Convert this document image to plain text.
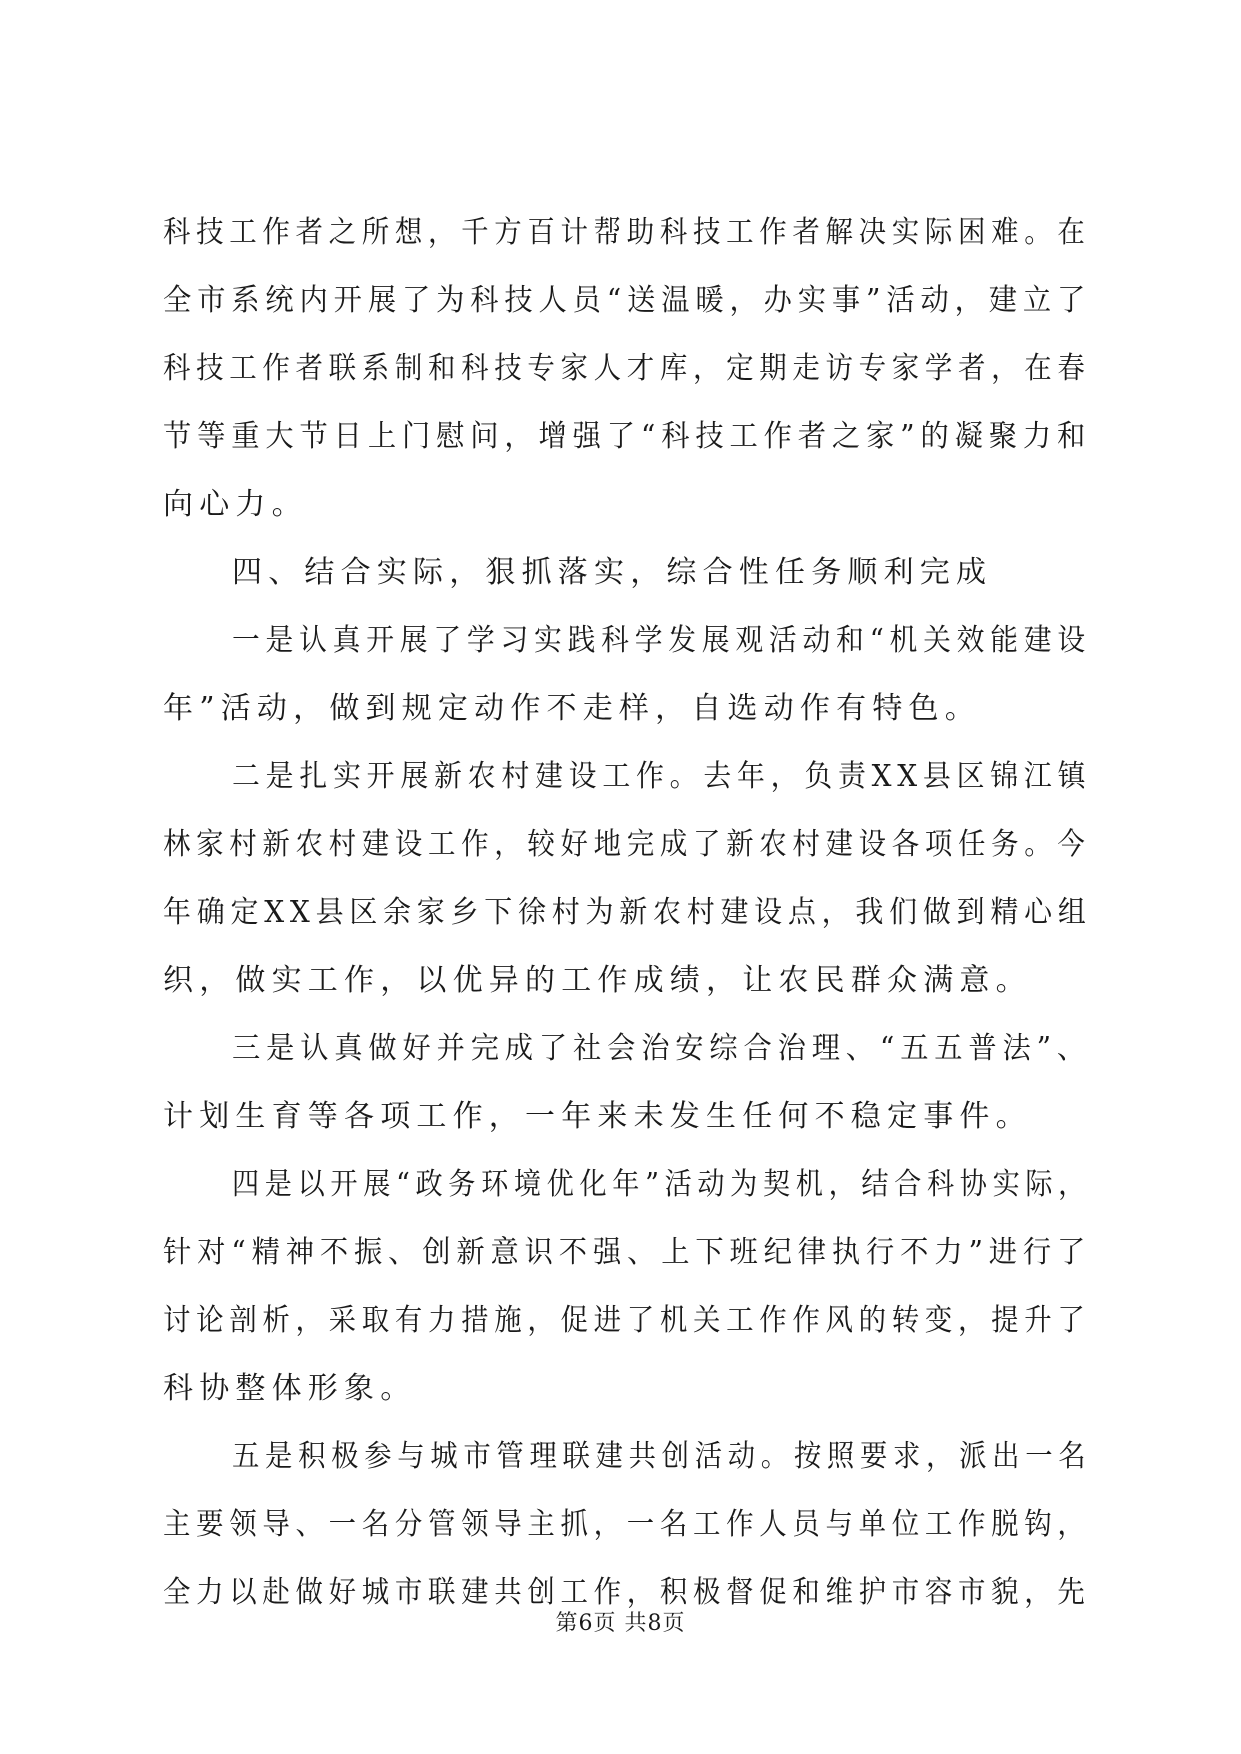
科技工作者之所想，千方百计帮助科技工作者解决实际困难。在
全市系统内开展了为科技人员“送温暖，办实事”活动，建立了
科技工作者联系制和科技专家人才库，定期走访专家学者，在春
节等重大节日上门慰问，增强了“科技工作者之家”的凝聚力和
向心力。
四、结合实际，狠抓落实，综合性任务顺利完成
一是认真开展了学习实践科学发展观活动和“机关效能建设
年”活动，做到规定动作不走样，自选动作有特色。
二是扎实开展新农村建设工作。去年，负责XX县区锦江镇
林家村新农村建设工作，较好地完成了新农村建设各项任务。今
年确定XX县区余家乡下徐村为新农村建设点，我们做到精心组
织，做实工作，以优异的工作成绩，让农民群众满意。
三是认真做好并完成了社会治安综合治理、“五五普法”、
计划生育等各项工作，一年来未发生任何不稳定事件。
四是以开展“政务环境优化年”活动为契机，结合科协实际，
针对“精神不振、创新意识不强、上下班纪律执行不力”进行了
讨论剖析，采取有力措施，促进了机关工作作风的转变，提升了
科协整体形象。
五是积极参与城市管理联建共创活动。按照要求，派出一名
主要领导、一名分管领导主抓，一名工作人员与单位工作脱钩，
全力以赴做好城市联建共创工作，积极督促和维护市容市貌，先
第6页 共8页
